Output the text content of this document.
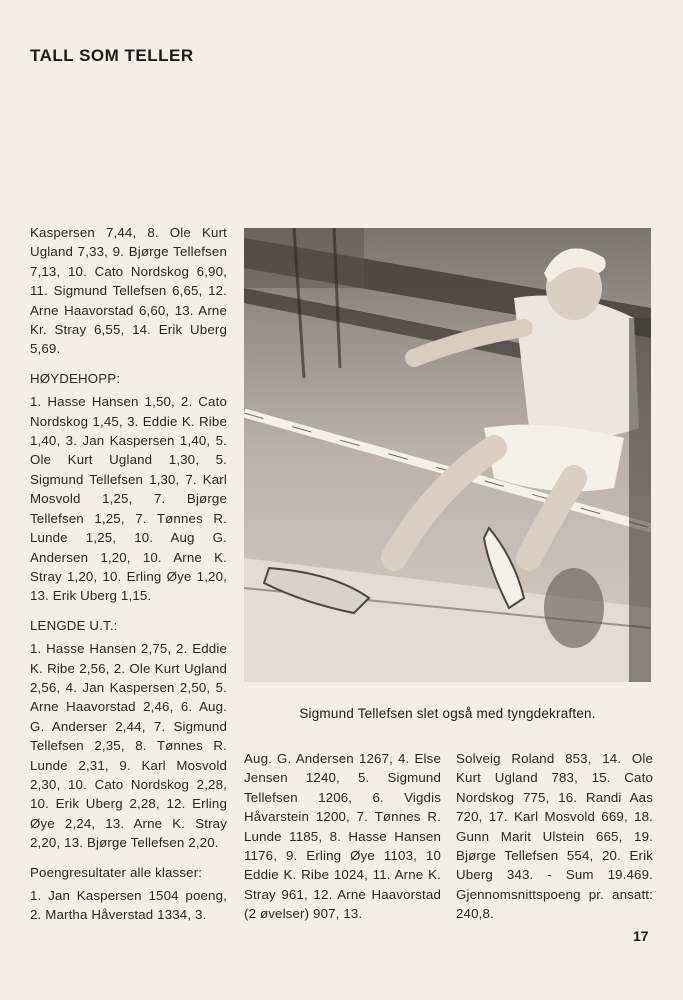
TALL SOM TELLER

Kaspersen 7,44, 8. Ole Kurt Ugland 7,33, 9. Bjørge Tellefsen 7,13, 10. Cato Nordskog 6,90, 11. Sigmund Tellefsen 6,65, 12. Arne Haavorstad 6,60, 13. Arne Kr. Stray 6,55, 14. Erik Uberg 5,69.

HØYDEHOPP:

1. Hasse Hansen 1,50, 2. Cato Nordskog 1,45, 3. Eddie K. Ribe 1,40, 3. Jan Kaspersen 1,40, 5. Ole Kurt Ugland 1,30, 5. Sigmund Tellefsen 1,30, 7. Karl Mosvold 1,25, 7. Bjørge Tellefsen 1,25, 7. Tønnes R. Lunde 1,25, 10. Aug G. Andersen 1,20, 10. Arne K. Stray 1,20, 10. Erling Øye 1,20, 13. Erik Uberg 1,15.

LENGDE U.T.:

1. Hasse Hansen 2,75, 2. Eddie K. Ribe 2,56, 2. Ole Kurt Ugland 2,56, 4. Jan Kaspersen 2,50, 5. Arne Haavorstad 2,46, 6. Aug. G. Anderser 2,44, 7. Sigmund Tellefsen 2,35, 8. Tønnes R. Lunde 2,31, 9. Karl Mosvold 2,30, 10. Cato Nordskog 2,28, 10. Erik Uberg 2,28, 12. Erling Øye 2,24, 13. Arne K. Stray 2,20, 13. Bjørge Tellefsen 2,20.

Poengresultater alle klasser:

1. Jan Kaspersen 1504 poeng, 2. Martha Håverstad 1334, 3.

Sigmund Tellefsen slet også med tyngdekraften.

Aug. G. Andersen 1267, 4. Else Jensen 1240, 5. Sigmund Tellefsen 1206, 6. Vigdis Håvarstein 1200, 7. Tønnes R. Lunde 1185, 8. Hasse Hansen 1176, 9. Erling Øye 1103, 10 Eddie K. Ribe 1024, 11. Arne K. Stray 961, 12. Arne Haavorstad (2 øvelser) 907, 13.

Solveig Roland 853, 14. Ole Kurt Ugland 783, 15. Cato Nordskog 775, 16. Randi Aas 720, 17. Karl Mosvold 669, 18. Gunn Marit Ulstein 665, 19. Bjørge Tellefsen 554, 20. Erik Uberg 343. - Sum 19.469. Gjennomsnittspoeng pr. ansatt: 240,8.

17
